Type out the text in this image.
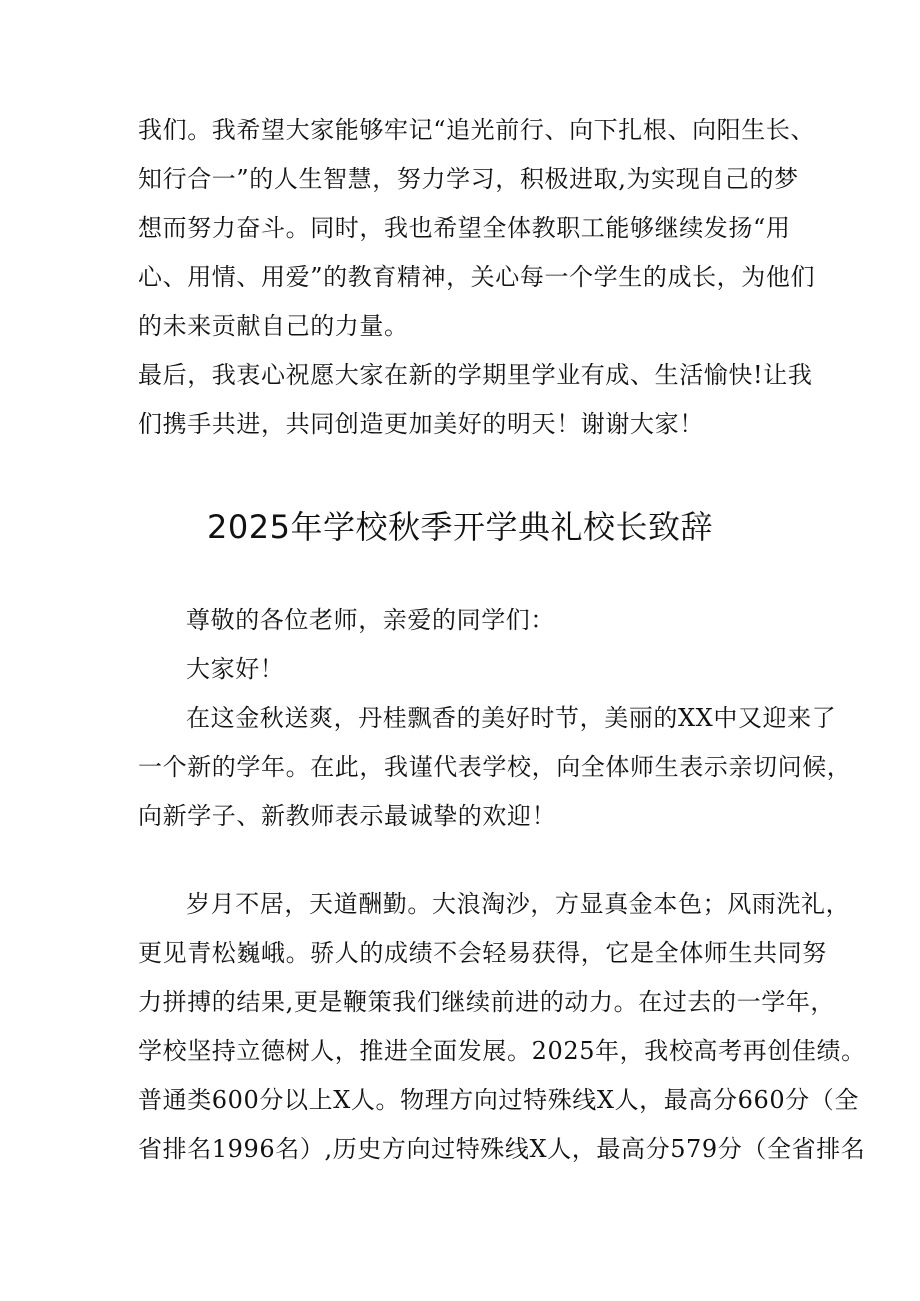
我们。我希望大家能够牢记“追光前行、向下扎根、向阳生长、
知行合一”的人生智慧，努力学习，积极进取,为实现自己的梦
想而努力奋斗。同时，我也希望全体教职工能够继续发扬“用
心、用情、用爱”的教育精神，关心每一个学生的成长，为他们
的未来贡献自己的力量。
最后，我衷心祝愿大家在新的学期里学业有成、生活愉快!让我
们携手共进，共同创造更加美好的明天！谢谢大家！
2025年学校秋季开学典礼校长致辞
尊敬的各位老师，亲爱的同学们：
大家好！
在这金秋送爽，丹桂飘香的美好时节，美丽的XX中又迎来了
一个新的学年。在此，我谨代表学校，向全体师生表示亲切问候，
向新学子、新教师表示最诚挚的欢迎！
岁月不居，天道酬勤。大浪淘沙，方显真金本色；风雨洗礼，
更见青松巍峨。骄人的成绩不会轻易获得，它是全体师生共同努
力拼搏的结果,更是鞭策我们继续前进的动力。在过去的一学年，
学校坚持立德树人，推进全面发展。2025年，我校高考再创佳绩。
普通类600分以上X人。物理方向过特殊线X人，最高分660分（全
省排名1996名）,历史方向过特殊线X人，最高分579分（全省排名
